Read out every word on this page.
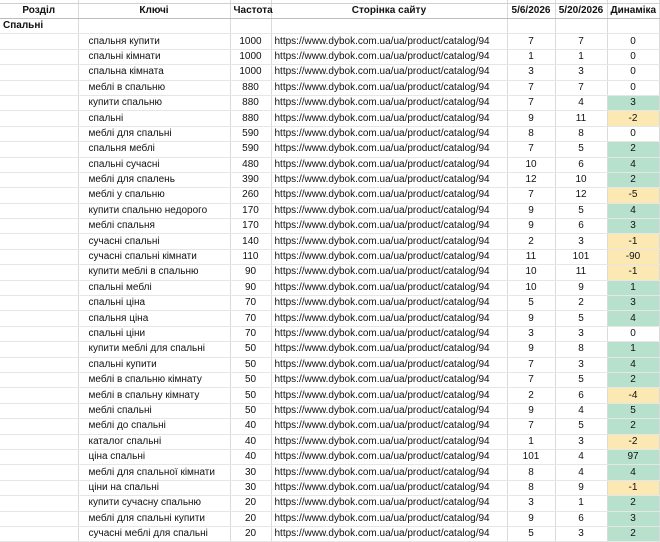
Розділ	Ключі	Частота	Сторінка сайту	5/6/2026	5/20/2026	Динаміка
Спальні						
	спальня купити	1000	https://www.dybok.com.ua/ua/product/catalog/94	7	7	0
	спальні кімнати	1000	https://www.dybok.com.ua/ua/product/catalog/94	1	1	0
	спальна кімната	1000	https://www.dybok.com.ua/ua/product/catalog/94	3	3	0
	меблі в спальню	880	https://www.dybok.com.ua/ua/product/catalog/94	7	7	0
	купити спальню	880	https://www.dybok.com.ua/ua/product/catalog/94	7	4	3
	спальні	880	https://www.dybok.com.ua/ua/product/catalog/94	9	11	-2
	меблі для спальні	590	https://www.dybok.com.ua/ua/product/catalog/94	8	8	0
	спальня меблі	590	https://www.dybok.com.ua/ua/product/catalog/94	7	5	2
	спальні сучасні	480	https://www.dybok.com.ua/ua/product/catalog/94	10	6	4
	меблі для спалень	390	https://www.dybok.com.ua/ua/product/catalog/94	12	10	2
	меблі у спальню	260	https://www.dybok.com.ua/ua/product/catalog/94	7	12	-5
	купити спальню недорого	170	https://www.dybok.com.ua/ua/product/catalog/94	9	5	4
	меблі спальня	170	https://www.dybok.com.ua/ua/product/catalog/94	9	6	3
	сучасні спальні	140	https://www.dybok.com.ua/ua/product/catalog/94	2	3	-1
	сучасні спальні кімнати	110	https://www.dybok.com.ua/ua/product/catalog/94	11	101	-90
	купити меблі в спальню	90	https://www.dybok.com.ua/ua/product/catalog/94	10	11	-1
	спальні меблі	90	https://www.dybok.com.ua/ua/product/catalog/94	10	9	1
	спальні ціна	70	https://www.dybok.com.ua/ua/product/catalog/94	5	2	3
	спальня ціна	70	https://www.dybok.com.ua/ua/product/catalog/94	9	5	4
	спальні ціни	70	https://www.dybok.com.ua/ua/product/catalog/94	3	3	0
	купити меблі для спальні	50	https://www.dybok.com.ua/ua/product/catalog/94	9	8	1
	спальні купити	50	https://www.dybok.com.ua/ua/product/catalog/94	7	3	4
	меблі в спальню кімнату	50	https://www.dybok.com.ua/ua/product/catalog/94	7	5	2
	меблі в спальну кімнату	50	https://www.dybok.com.ua/ua/product/catalog/94	2	6	-4
	меблі спальні	50	https://www.dybok.com.ua/ua/product/catalog/94	9	4	5
	меблі до спальні	40	https://www.dybok.com.ua/ua/product/catalog/94	7	5	2
	каталог спальні	40	https://www.dybok.com.ua/ua/product/catalog/94	1	3	-2
	ціна спальні	40	https://www.dybok.com.ua/ua/product/catalog/94	101	4	97
	меблі для спальної кімнати	30	https://www.dybok.com.ua/ua/product/catalog/94	8	4	4
	ціни на спальні	30	https://www.dybok.com.ua/ua/product/catalog/94	8	9	-1
	купити сучасну спальню	20	https://www.dybok.com.ua/ua/product/catalog/94	3	1	2
	меблі для спальні купити	20	https://www.dybok.com.ua/ua/product/catalog/94	9	6	3
	сучасні меблі для спальні	20	https://www.dybok.com.ua/ua/product/catalog/94	5	3	2
